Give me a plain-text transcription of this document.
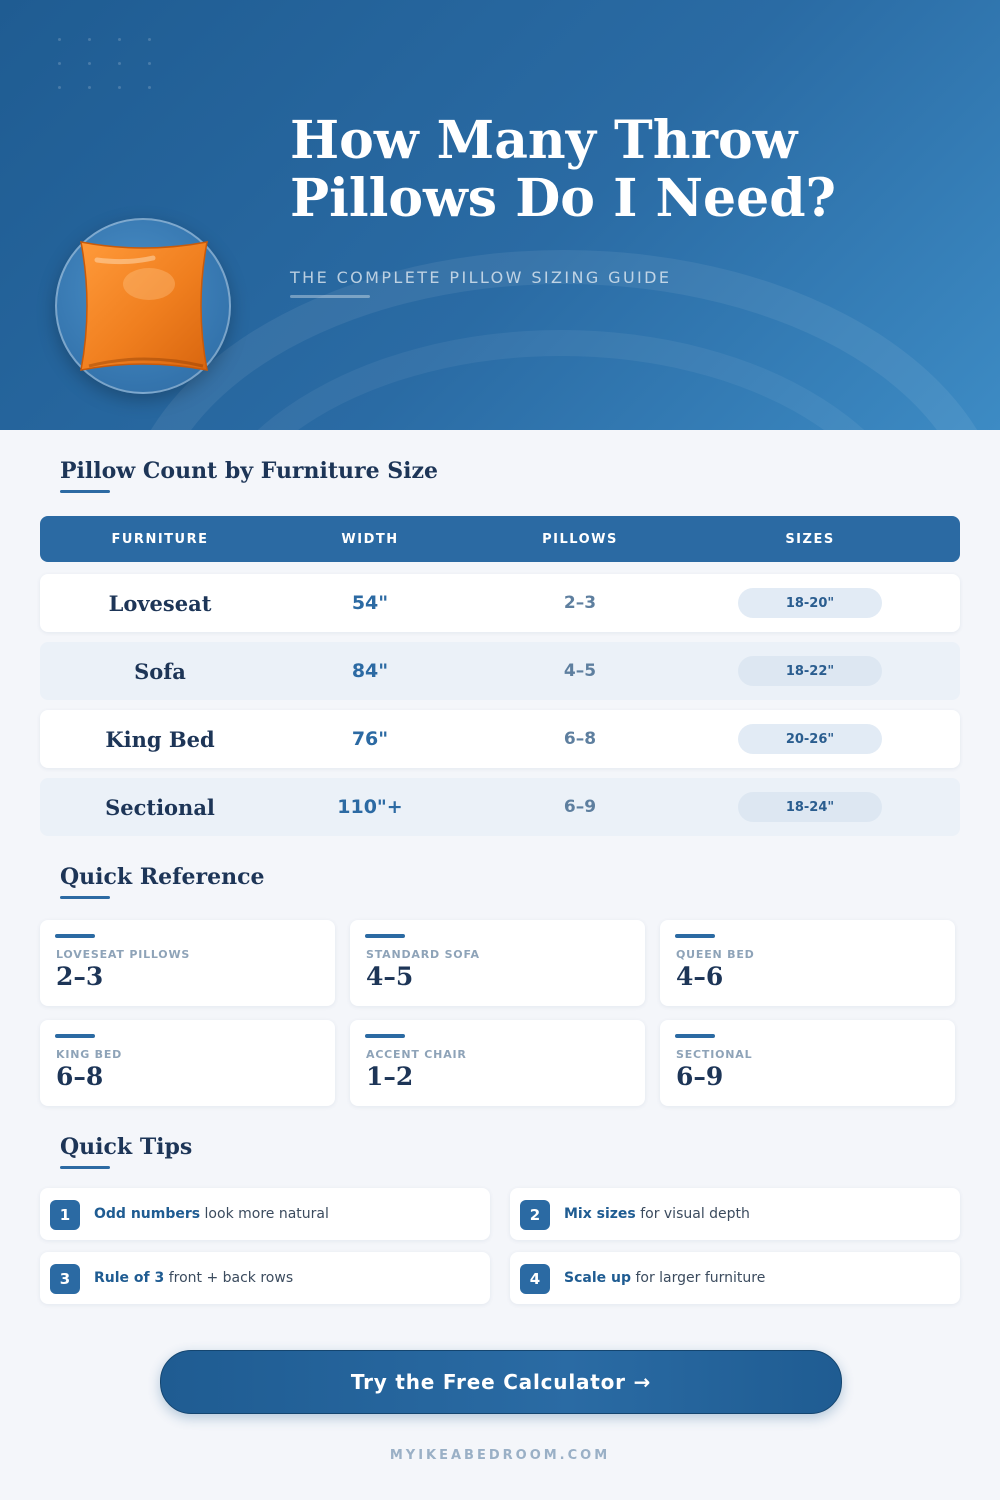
How Many Throw
Pillows Do I Need?
THE COMPLETE PILLOW SIZING GUIDE
Pillow Count by Furniture Size
FURNITURE	WIDTH	PILLOWS	SIZES
Loveseat	54"	2–3	18-20"
Sofa	84"	4–5	18-22"
King Bed	76"	6–8	20-26"
Sectional	110"+	6–9	18-24"
Quick Reference
LOVESEAT PILLOWS
2–3
STANDARD SOFA
4–5
QUEEN BED
4–6
KING BED
6–8
ACCENT CHAIR
1–2
SECTIONAL
6–9
Quick Tips
1	Odd numbers look more natural	2	Mix sizes for visual depth
3	Rule of 3 front + back rows	4	Scale up for larger furniture
Try the Free Calculator →
MYIKEABEDROOM.COM
